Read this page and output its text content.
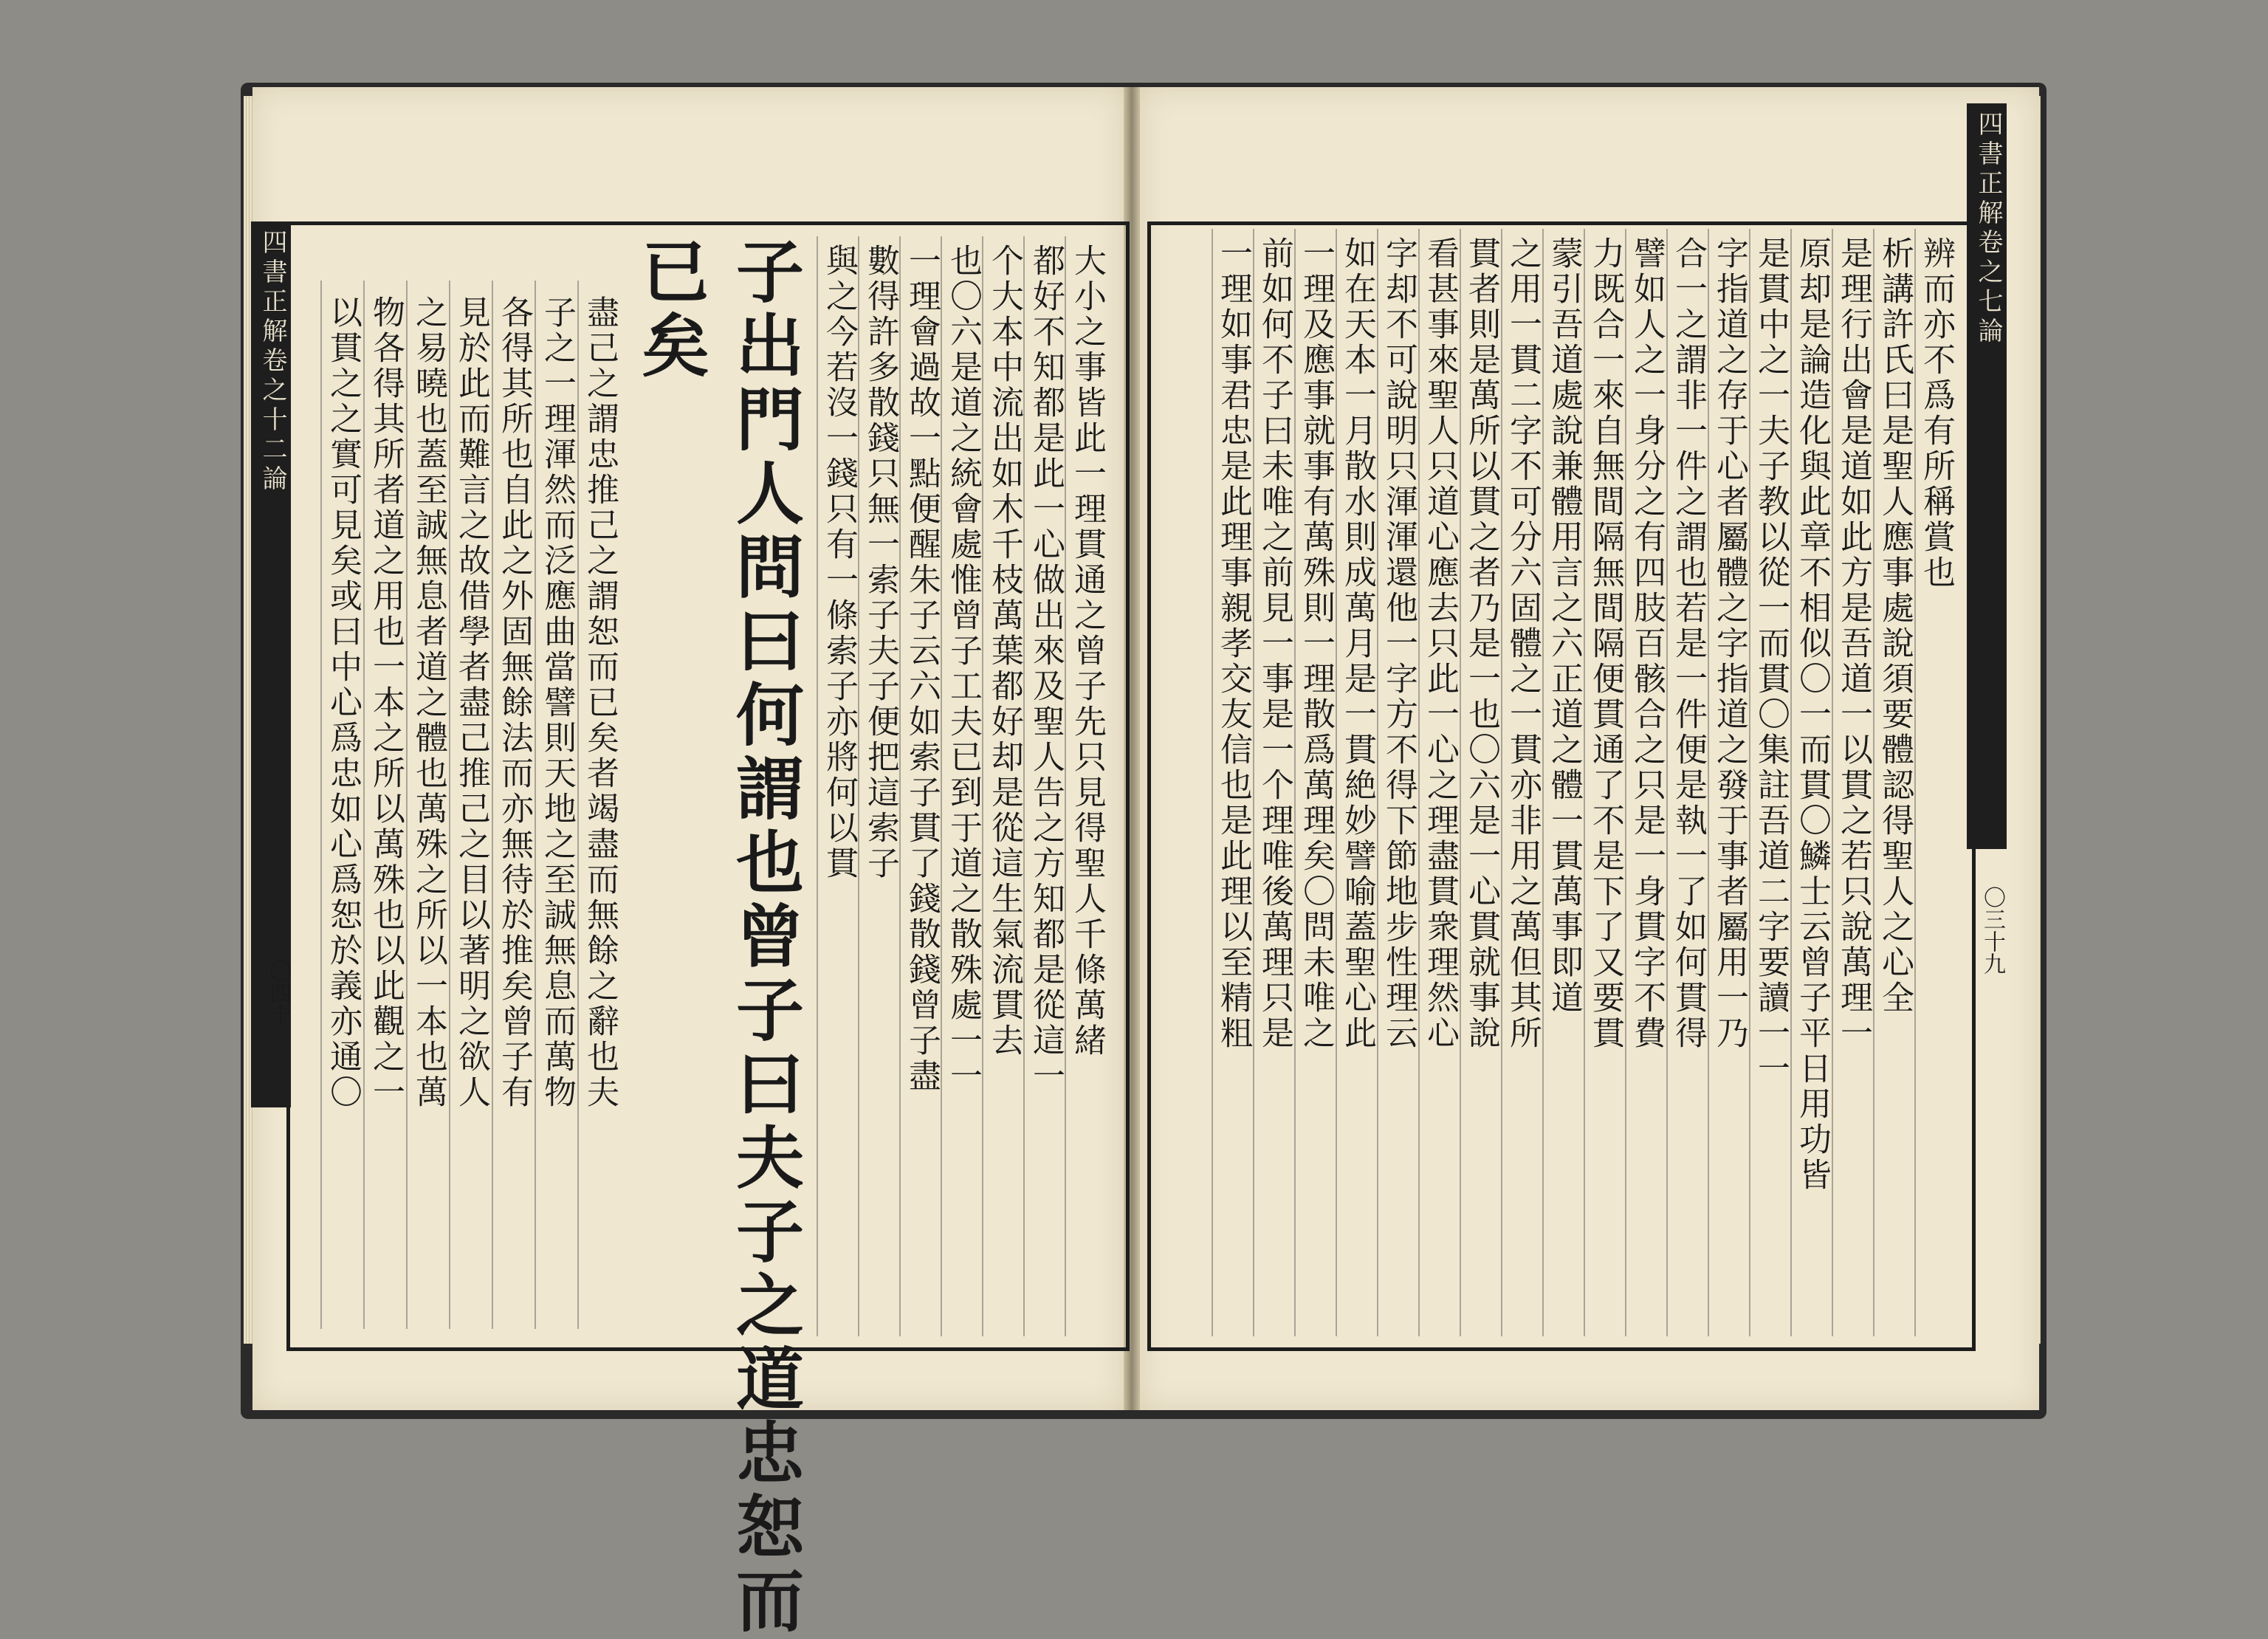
四書正解卷之十二論
〇四十	大小之事皆此一理貫通之曾子先只見得聖人千條萬緒
都好不知都是此一心做出來及聖人告之方知都是從這一
个大本中流出如木千枝萬葉都好却是從這生氣流貫去
也〇六是道之統會處惟曾子工夫已到于道之散殊處一一
一理會過故一點便醒朱子云六如索子貫了錢散錢曾子盡
數得許多散錢只無一索子夫子便把這索子
與之今若沒一錢只有一條索子亦將何以貫
子出門人問曰何謂也曾子曰夫子之道忠恕而
已矣
盡己之謂忠推己之謂恕而已矣者竭盡而無餘之辭也夫
子之一理渾然而泛應曲當譬則天地之至誠無息而萬物
各得其所也自此之外固無餘法而亦無待於推矣曾子有
見於此而難言之故借學者盡己推己之目以著明之欲人
之易曉也蓋至誠無息者道之體也萬殊之所以一本也萬
物各得其所者道之用也一本之所以萬殊也以此觀之一
以貫之之實可見矣或曰中心爲忠如心爲恕於義亦通〇
四書正解卷之七論
〇三十九
辨而亦不爲有所稱賞也
析講許氏曰是聖人應事處說須要體認得聖人之心全
是理行出會是道如此方是吾道一以貫之若只說萬理一
原却是論造化與此章不相似〇一而貫〇鱗士云曾子平日用功皆
是貫中之一夫子教以從一而貫〇集註吾道二字要讀一一
字指道之存于心者屬體之字指道之發于事者屬用一乃
合一之謂非一件之謂也若是一件便是執一了如何貫得
譬如人之一身分之有四肢百骸合之只是一身貫字不費
力既合一來自無間隔無間隔便貫通了不是下了又要貫
蒙引吾道處說兼體用言之六正道之體一貫萬事即道
之用一貫二字不可分六固體之一貫亦非用之萬但其所
貫者則是萬所以貫之者乃是一也〇六是一心貫就事說
看甚事來聖人只道心應去只此一心之理盡貫衆理然心
字却不可說明只渾渾還他一字方不得下節地步性理云
如在天本一月散水則成萬月是一貫絶妙譬喻蓋聖心此
一理及應事就事有萬殊則一理散爲萬理矣〇問未唯之
前如何不子曰未唯之前見一事是一个理唯後萬理只是
一理如事君忠是此理事親孝交友信也是此理以至精粗
